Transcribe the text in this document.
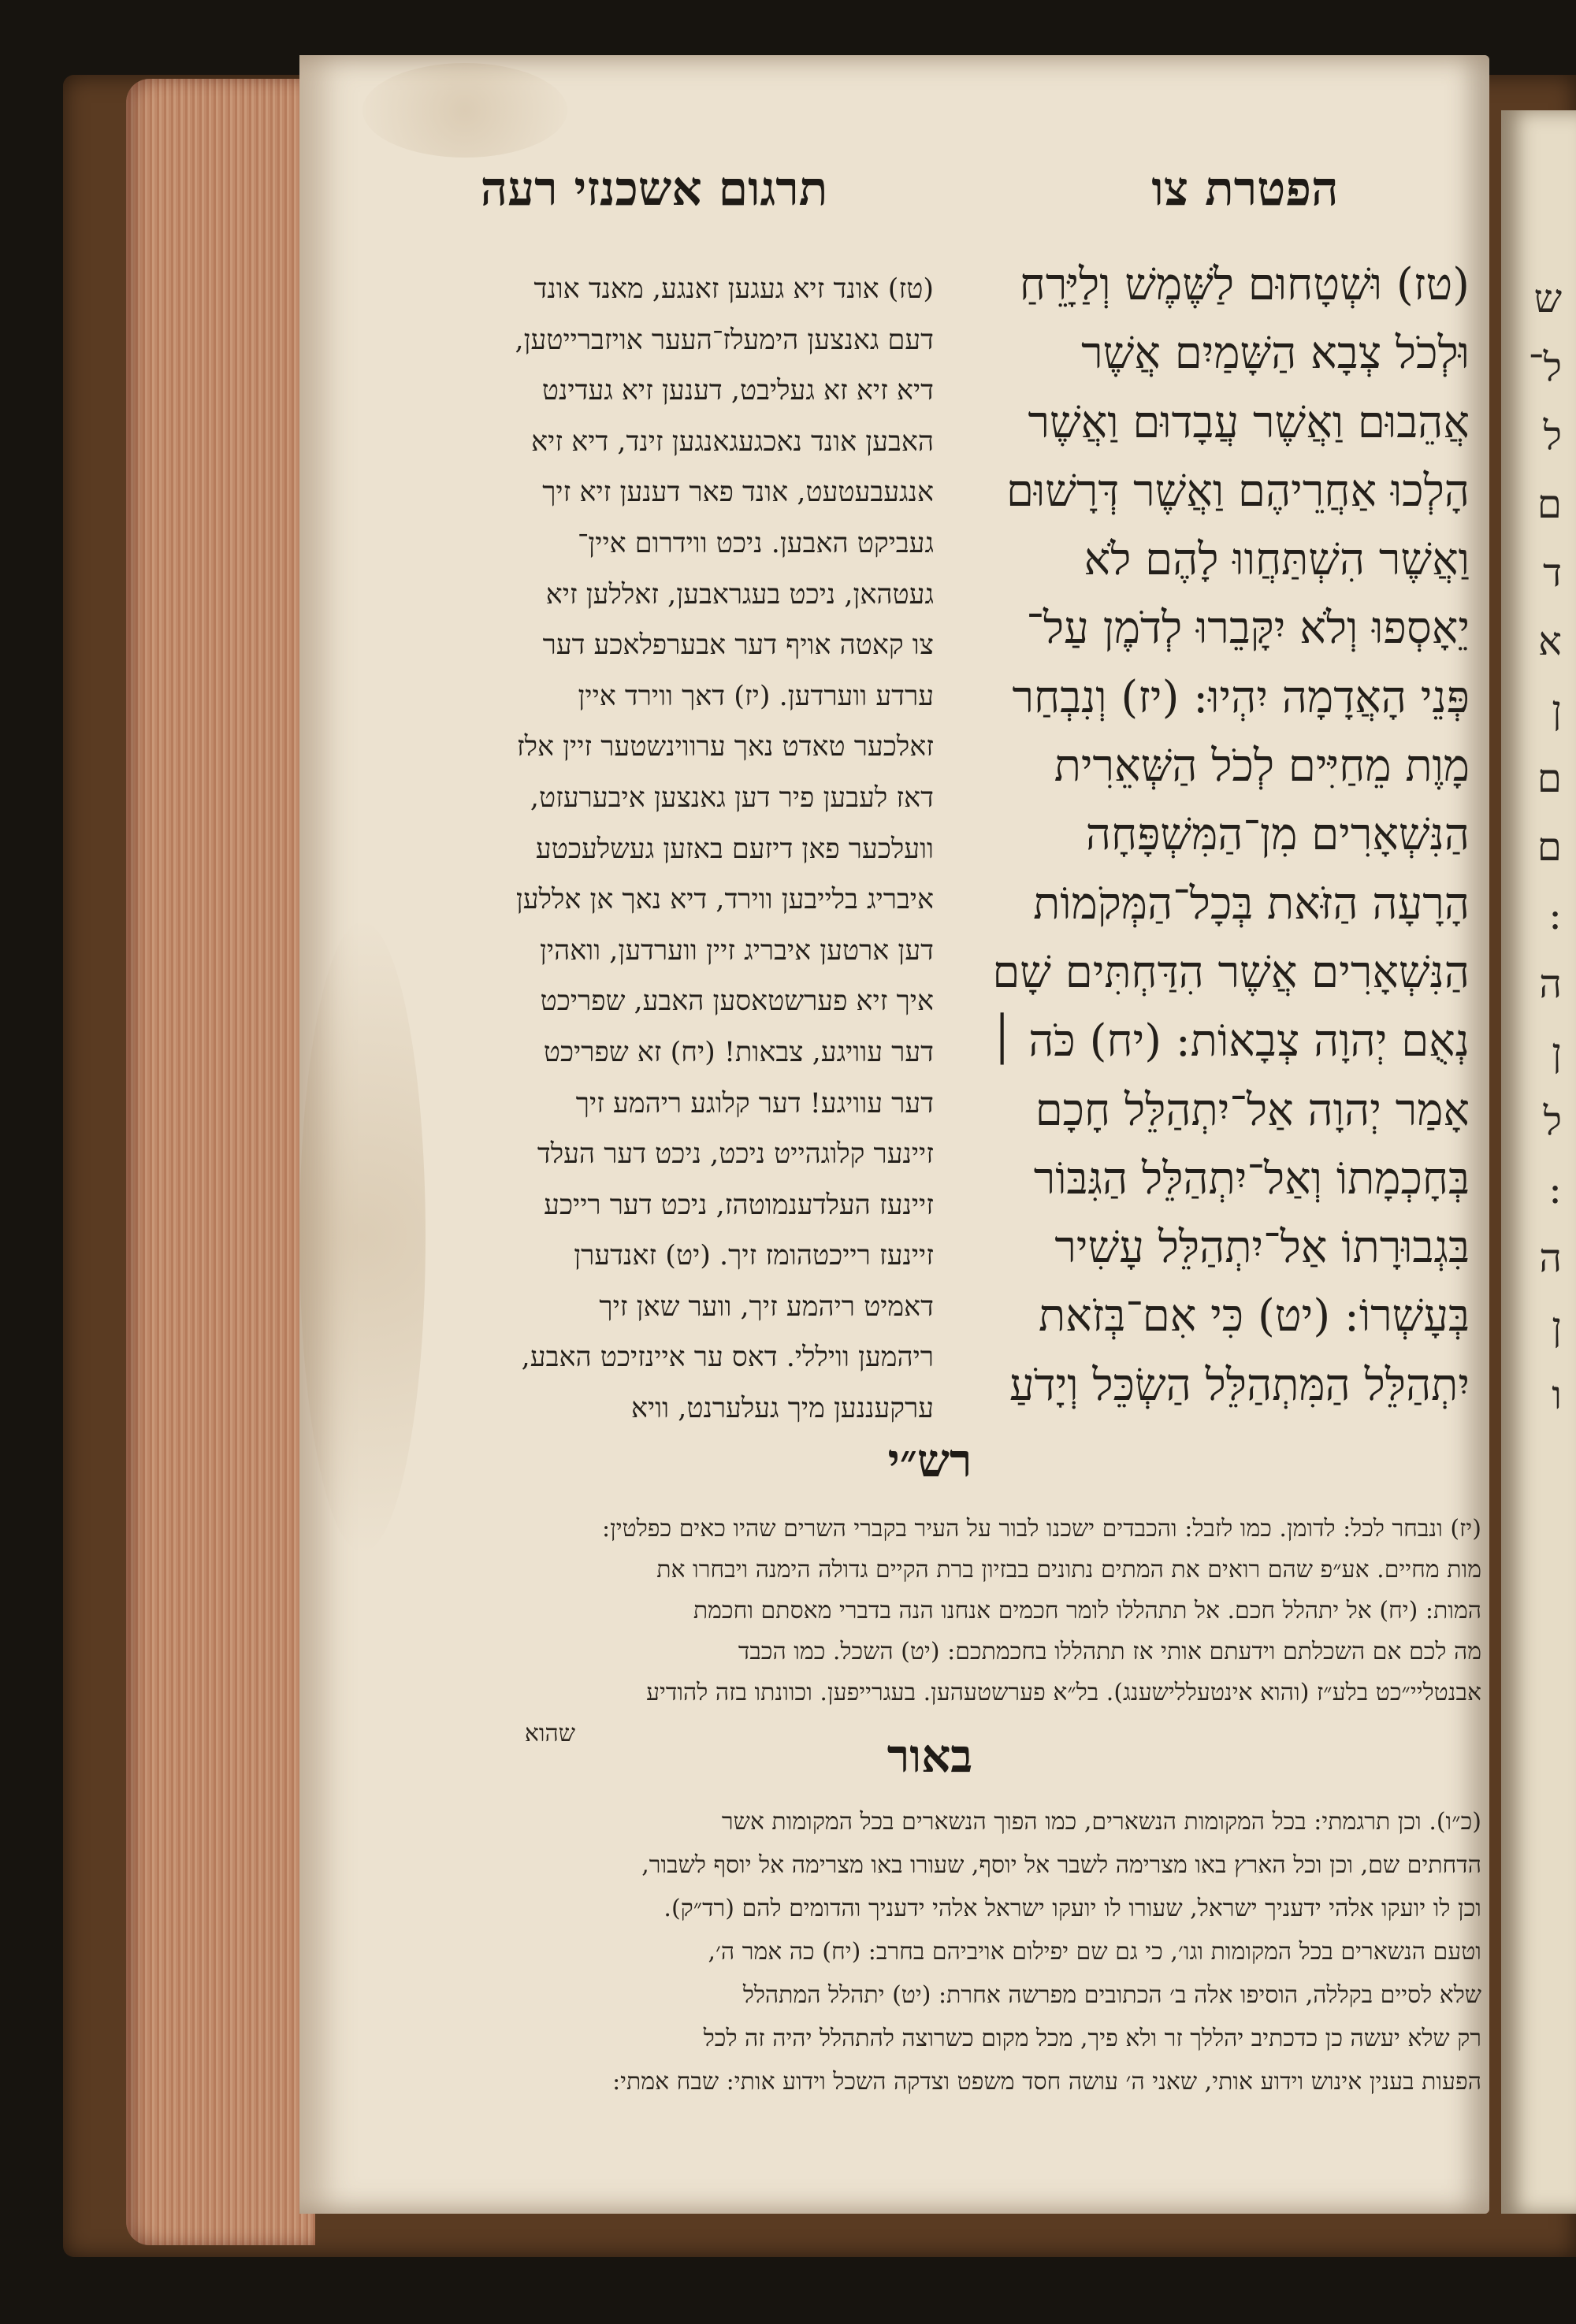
ש
ל־
ל
ם
ד
א
ן
ם
ם
:
ה
ן
ל
:
ה
ן
ו
הפטרת צו
תרגום אשכנזי רעה
(טז) וּשְׁטָחוּם לַשֶּׁמֶשׁ וְלַיָּרֵחַ
וּלְכֹל צְבָא הַשָּׁמַיִם אֲשֶׁר
אֲהֵבוּם וַאֲשֶׁר עֲבָדוּם וַאֲשֶׁר
הָלְכוּ אַחֲרֵיהֶם וַאֲשֶׁר דְּרָשׁוּם
וַאֲשֶׁר הִשְׁתַּחֲווּ לָהֶם לֹא
יֵאָסְפוּ וְלֹא יִקָּבֵרוּ לְדֹמֶן עַל־
פְּנֵי הָאֲדָמָה יִהְיוּ: (יז) וְנִבְחַר
מָוֶת מֵחַיִּים לְכֹל הַשְּׁאֵרִית
הַנִּשְׁאָרִים מִן־הַמִּשְׁפָּחָה
הָרָעָה הַזֹּאת בְּכָל־הַמְּקֹמוֹת
הַנִּשְׁאָרִים אֲשֶׁר הִדַּחְתִּים שָׁם
נְאֻם יְהוָה צְבָאוֹת: (יח) כֹּה ׀
אָמַר יְהוָה אַל־יִתְהַלֵּל חָכָם
בְּחָכְמָתוֹ וְאַל־יִתְהַלֵּל הַגִּבּוֹר
בִּגְבוּרָתוֹ אַל־יִתְהַלֵּל עָשִׁיר
בְּעָשְׁרוֹ: (יט) כִּי אִם־בְּזֹאת
יִתְהַלֵּל הַמִּתְהַלֵּל הַשְׂכֵּל וְיָדֹעַ
(טז) אונד זיא געגען זאנגע, מאנד אונד
דעם גאנצען הימעלז־העער אויזברייטען,
דיא זיא זא געליבט, דענען זיא געדינט
האבען אונד נאכגעגאנגען זינד, דיא זיא
אנגעבעטעט, אונד פאר דענען זיא זיך
געביקט האבען. ניכט ווידרום איין־
געטהאן, ניכט בעגראבען, זאללען זיא
צו קאטה אויף דער אבערפלאכע דער
ערדע ווערדען. (יז) דאך ווירד איין
זאלכער טאדט נאך ערווינשטער זיין אלז
דאז לעבען פיר דען גאנצען איבערעזט,
וועלכער פאן דיזעם באזען געשלעכטע
איבריג בלייבען ווירד, דיא נאך אן אללען
דען ארטען איבריג זיין ווערדען, וואהין
איך זיא פערשטאסען האבע, שפריכט
דער עוויגע, צבאות! (יח) זא שפריכט
דער עוויגע! דער קלוגע ריהמע זיך
זיינער קלוגהייט ניכט, ניכט דער העלד
זיינעז העלדענמוטהז, ניכט דער רייכע
זיינעז רייכטהומז זיך. (יט) זאנדערן
דאמיט ריהמע זיך, ווער שאן זיך
ריהמען וויללי. דאס ער איינזיכט האבע,
ערקעננען מיך געלערנט, וויא
רש״י
(יז) ונבחר לכל: לדומן. כמו לזבל: והכבדים ישכנו לבור על העיר בקברי השרים שהיו כאים כפלטין:
מות מחיים. אע״פ שהם רואים את המתים נתונים בבזיון ברת הקיים גדולה הימנה ויבחרו את
המות: (יח) אל יתהלל חכם. אל תתהללו לומר חכמים אנחנו הנה בדברי מאסתם וחכמת
מה לכם אם השכלתם וידעתם אותי אז תתהללו בחכמתכם: (יט) השכל. כמו הכבד
אבנטליי״כט בלע״ז (והוא אינטעללישענג). בל״א פערשטעהען. בעגרייפען. וכוונתו בזה להודיע
שהוא	באור
(כ״ו). וכן תרגמתי: בכל המקומות הנשארים, כמו הפוך הנשארים בכל המקומות אשר
הדחתים שם, וכן וכל הארץ באו מצרימה לשבר אל יוסף, שעורו באו מצרימה אל יוסף לשבור,
וכן לו יועקו אלהי ידעניך ישראל, שעורו לו יועקו ישראל אלהי ידעניך והדומים להם (רד״ק).
וטעם הנשארים בכל המקומות וגו׳, כי גם שם יפילום אויביהם בחרב: (יח) כה אמר ה׳,
שלא לסיים בקללה, הוסיפו אלה ב׳ הכתובים מפרשה אחרת: (יט) יתהלל המתהלל
רק שלא יעשה כן כדכתיב יהללך זר ולא פיך, מכל מקום כשרוצה להתהלל יהיה זה לכל
הפעות בענין אינוש וידוע אותי, שאני ה׳ עושה חסד משפט וצדקה השכל וידוע אותי: שבח אמתי:
